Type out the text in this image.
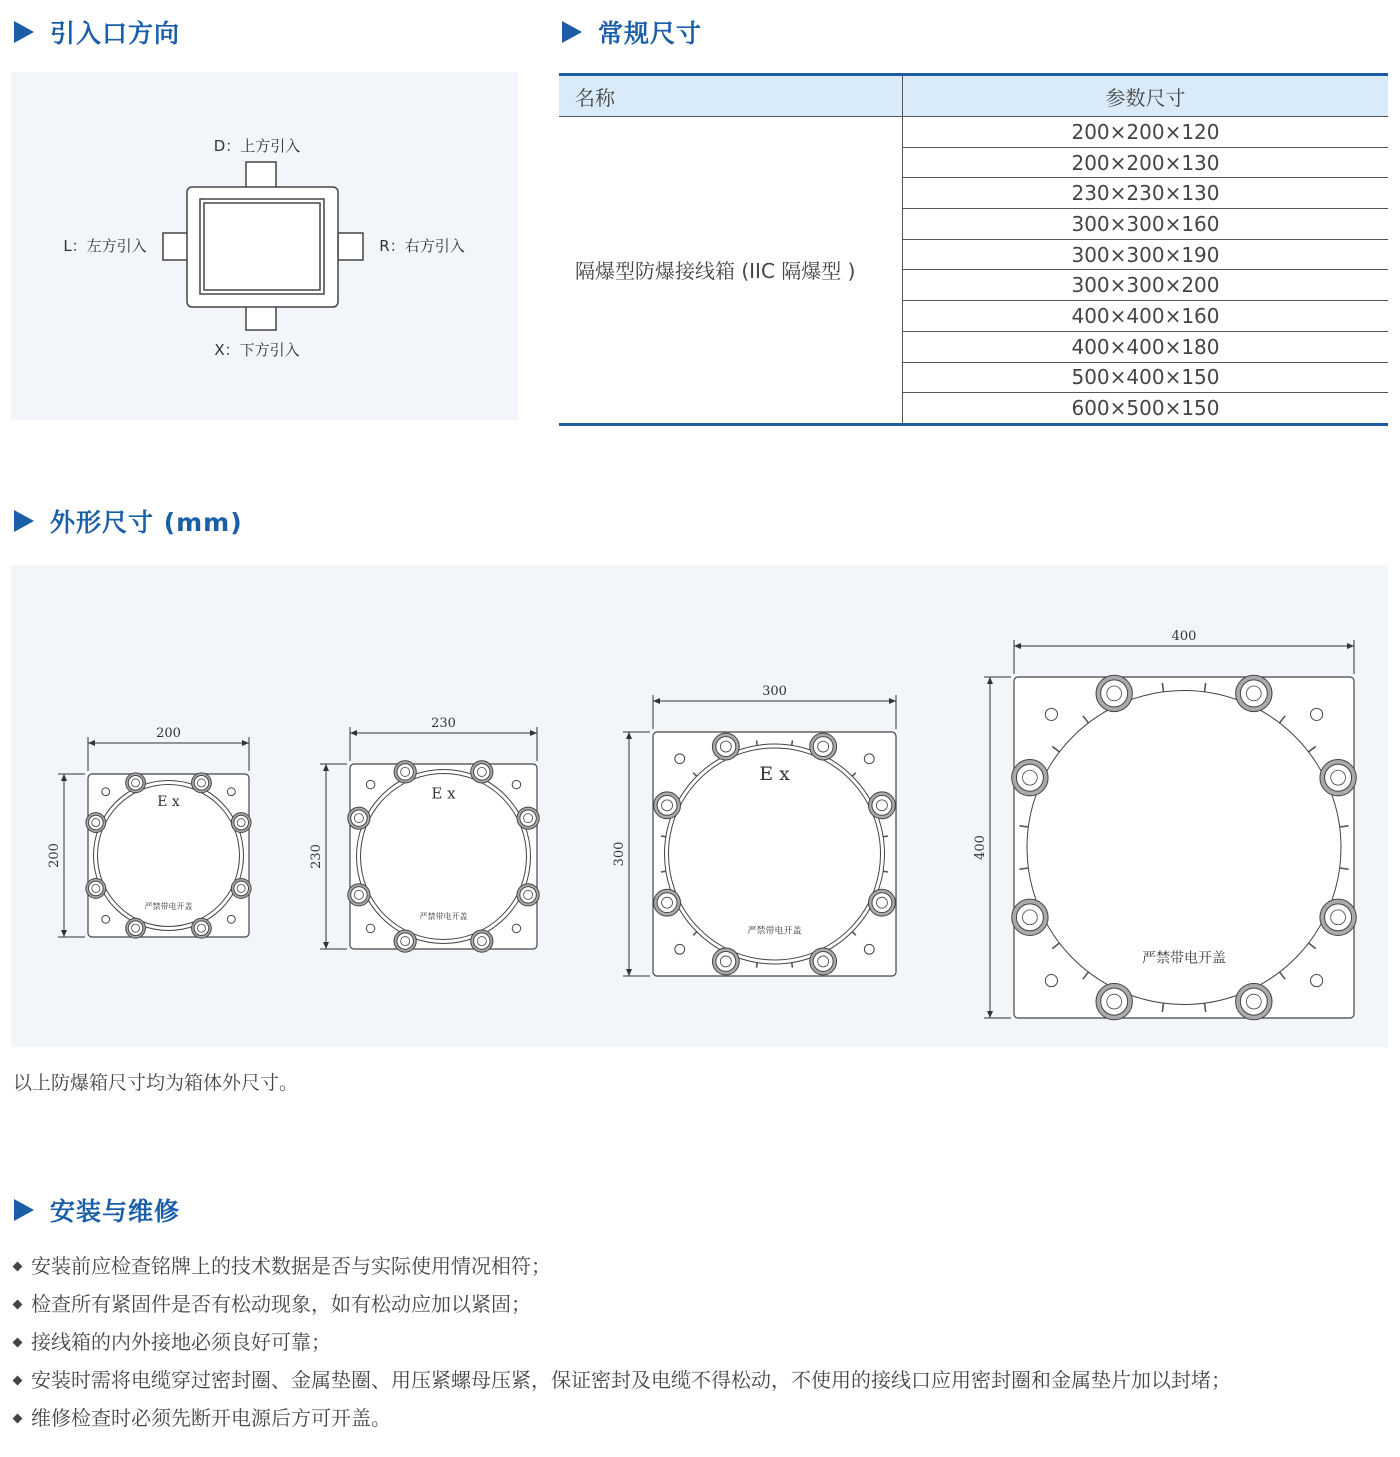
引入口方向
D：上方引入
L：左方引入	R：右方引入
X：下方引入
常规尺寸
名称	参数尺寸
隔爆型防爆接线箱 (IIC 隔爆型 )	200×200×120
	200×200×130
	230×230×130
	300×300×160
	300×300×190
	300×300×200
	400×400×160
	400×400×180
	500×400×150
	600×500×150
外形尺寸 (mm)
200
200
E x
严禁带电开盖
230
230
E x
严禁带电开盖
300
300
E x
严禁带电开盖
400
400
严禁带电开盖
以上防爆箱尺寸均为箱体外尺寸。
安装与维修
安装前应检查铭牌上的技术数据是否与实际使用情况相符；
检查所有紧固件是否有松动现象，如有松动应加以紧固；
接线箱的内外接地必须良好可靠；
安装时需将电缆穿过密封圈、金属垫圈、用压紧螺母压紧，保证密封及电缆不得松动，不使用的接线口应用密封圈和金属垫片加以封堵；
维修检查时必须先断开电源后方可开盖。
